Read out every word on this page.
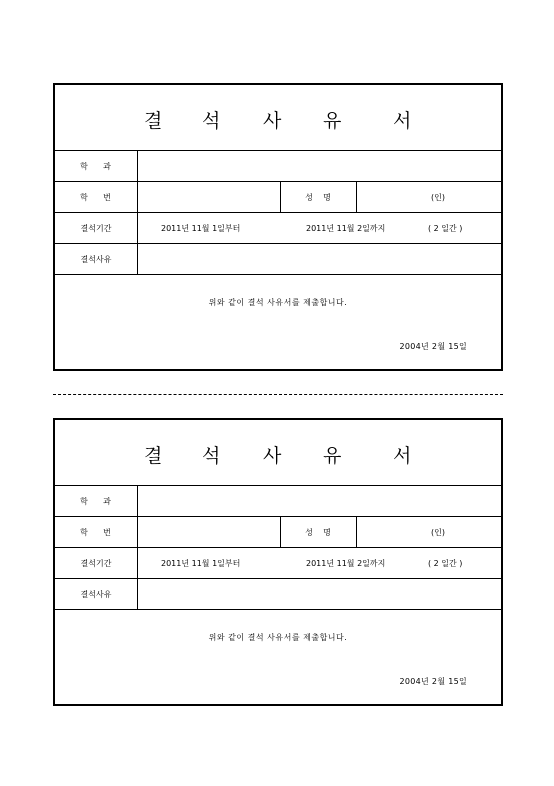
결 석 사 유	서
학    과
학    번	성    명	(인)
결석기간	2011년 11월 1일부터	2011년 11월 2일까지	( 2 일간 )
결석사유
위와 같이 결석 사유서를 제출합니다.
2004년 2월 15일
결 석 사 유	서
학    과
학    번	성    명	(인)
결석기간	2011년 11월 1일부터	2011년 11월 2일까지	( 2 일간 )
결석사유
위와 같이 결석 사유서를 제출합니다.
2004년 2월 15일
